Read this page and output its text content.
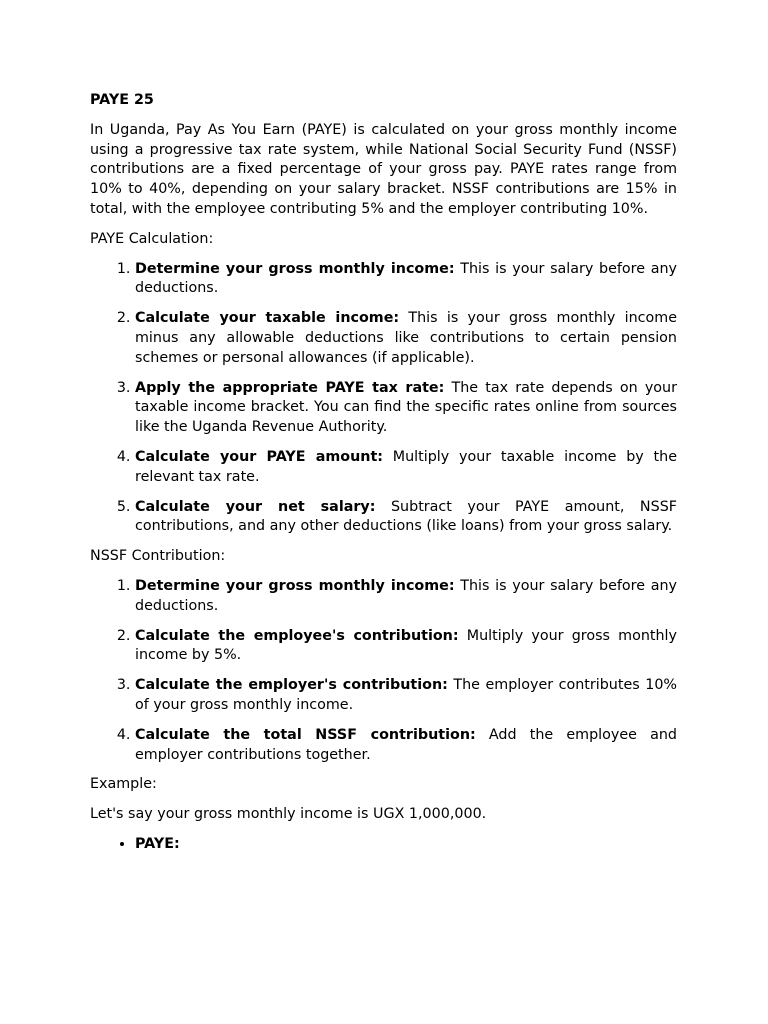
PAYE 25
In Uganda, Pay As You Earn (PAYE) is calculated on your gross monthly income using a progressive tax rate system, while National Social Security Fund (NSSF) contributions are a fixed percentage of your gross pay. PAYE rates range from 10% to 40%, depending on your salary bracket. NSSF contributions are 15% in total, with the employee contributing 5% and the employer contributing 10%.
PAYE Calculation:
1. Determine your gross monthly income: This is your salary before any deductions.
2. Calculate your taxable income: This is your gross monthly income minus any allowable deductions like contributions to certain pension schemes or personal allowances (if applicable).
3. Apply the appropriate PAYE tax rate: The tax rate depends on your taxable income bracket. You can find the specific rates online from sources like the Uganda Revenue Authority.
4. Calculate your PAYE amount: Multiply your taxable income by the relevant tax rate.
5. Calculate your net salary: Subtract your PAYE amount, NSSF contributions, and any other deductions (like loans) from your gross salary.
NSSF Contribution:
1. Determine your gross monthly income: This is your salary before any deductions.
2. Calculate the employee's contribution: Multiply your gross monthly income by 5%.
3. Calculate the employer's contribution: The employer contributes 10% of your gross monthly income.
4. Calculate the total NSSF contribution: Add the employee and employer contributions together.
Example:
Let's say your gross monthly income is UGX 1,000,000.
• PAYE:
